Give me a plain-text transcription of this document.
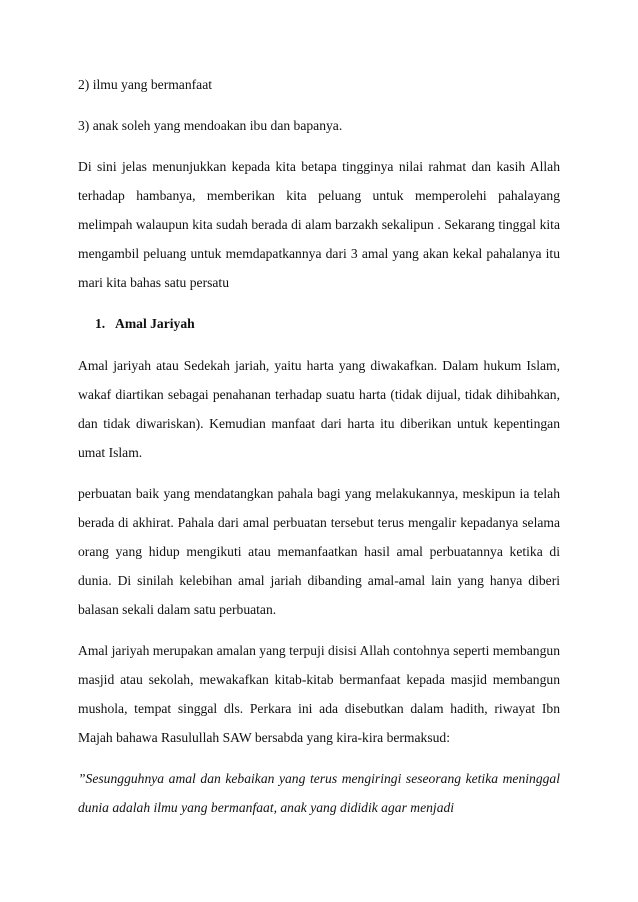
2) ilmu yang bermanfaat

3) anak soleh yang mendoakan ibu dan bapanya.

Di sini jelas menunjukkan kepada kita betapa tingginya nilai rahmat dan kasih Allah terhadap hambanya, memberikan kita peluang untuk memperolehi pahalayang melimpah walaupun kita sudah berada di alam barzakh sekalipun . Sekarang tinggal kita mengambil peluang untuk memdapatkannya dari 3 amal yang akan kekal pahalanya itu mari kita bahas satu persatu

1. Amal Jariyah

Amal jariyah atau Sedekah jariah, yaitu harta yang diwakafkan. Dalam hukum Islam, wakaf diartikan sebagai penahanan terhadap suatu harta (tidak dijual, tidak dihibahkan, dan tidak diwariskan). Kemudian manfaat dari harta itu diberikan untuk kepentingan umat Islam.

perbuatan baik yang mendatangkan pahala bagi yang melakukannya, meskipun ia telah berada di akhirat. Pahala dari amal perbuatan tersebut terus mengalir kepadanya selama orang yang hidup mengikuti atau memanfaatkan hasil amal perbuatannya ketika di dunia. Di sinilah kelebihan amal jariah dibanding amal-amal lain yang hanya diberi balasan sekali dalam satu perbuatan.

Amal jariyah merupakan amalan yang terpuji disisi Allah contohnya seperti membangun masjid atau sekolah, mewakafkan kitab-kitab bermanfaat kepada masjid membangun mushola, tempat singgal dls. Perkara ini ada disebutkan dalam hadith, riwayat Ibn Majah bahawa Rasulullah SAW bersabda yang kira-kira bermaksud:

”Sesungguhnya amal dan kebaikan yang terus mengiringi seseorang ketika meninggal dunia adalah ilmu yang bermanfaat, anak yang dididik agar menjadi
